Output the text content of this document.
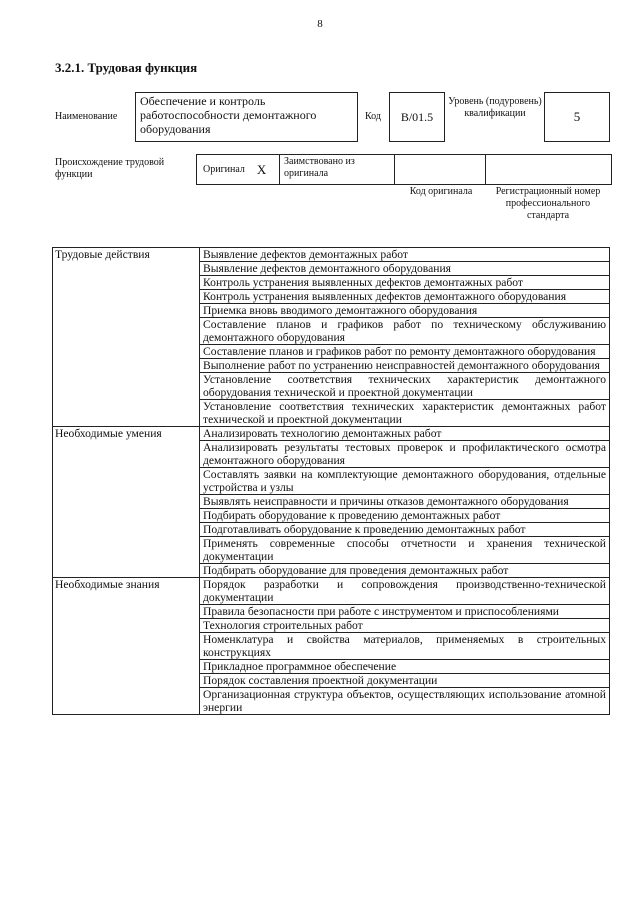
8
3.2.1. Трудовая функция
Наименование
Обеспечение и контроль работоспособности демонтажного оборудования
Код B/01.5
Уровень (подуровень) квалификации	5
Происхождение трудовой функции	Оригинал X	Заимствовано из оригинала
Код оригинала	Регистрационный номер профессионального стандарта
Трудовые действия	Выявление дефектов демонтажных работ
	Выявление дефектов демонтажного оборудования
	Контроль устранения выявленных дефектов демонтажных работ
	Контроль устранения выявленных дефектов демонтажного оборудования
	Приемка вновь вводимого демонтажного оборудования
	Составление планов и графиков работ по техническому обслуживанию демонтажного оборудования
	Составление планов и графиков работ по ремонту демонтажного оборудования
	Выполнение работ по устранению неисправностей демонтажного оборудования
	Установление соответствия технических характеристик демонтажного оборудования технической и проектной документации
	Установление соответствия технических характеристик демонтажных работ технической и проектной документации
Необходимые умения	Анализировать технологию демонтажных работ
	Анализировать результаты тестовых проверок и профилактического осмотра демонтажного оборудования
	Составлять заявки на комплектующие демонтажного оборудования, отдельные устройства и узлы
	Выявлять неисправности и причины отказов демонтажного оборудования
	Подбирать оборудование к проведению демонтажных работ
	Подготавливать оборудование к проведению демонтажных работ
	Применять современные способы отчетности и хранения технической документации
	Подбирать оборудование для проведения демонтажных работ
Необходимые знания	Порядок разработки и сопровождения производственно-технической документации
	Правила безопасности при работе с инструментом и приспособлениями
	Технология строительных работ
	Номенклатура и свойства материалов, применяемых в строительных конструкциях
	Прикладное программное обеспечение
	Порядок составления проектной документации
	Организационная структура объектов, осуществляющих использование атомной энергии
